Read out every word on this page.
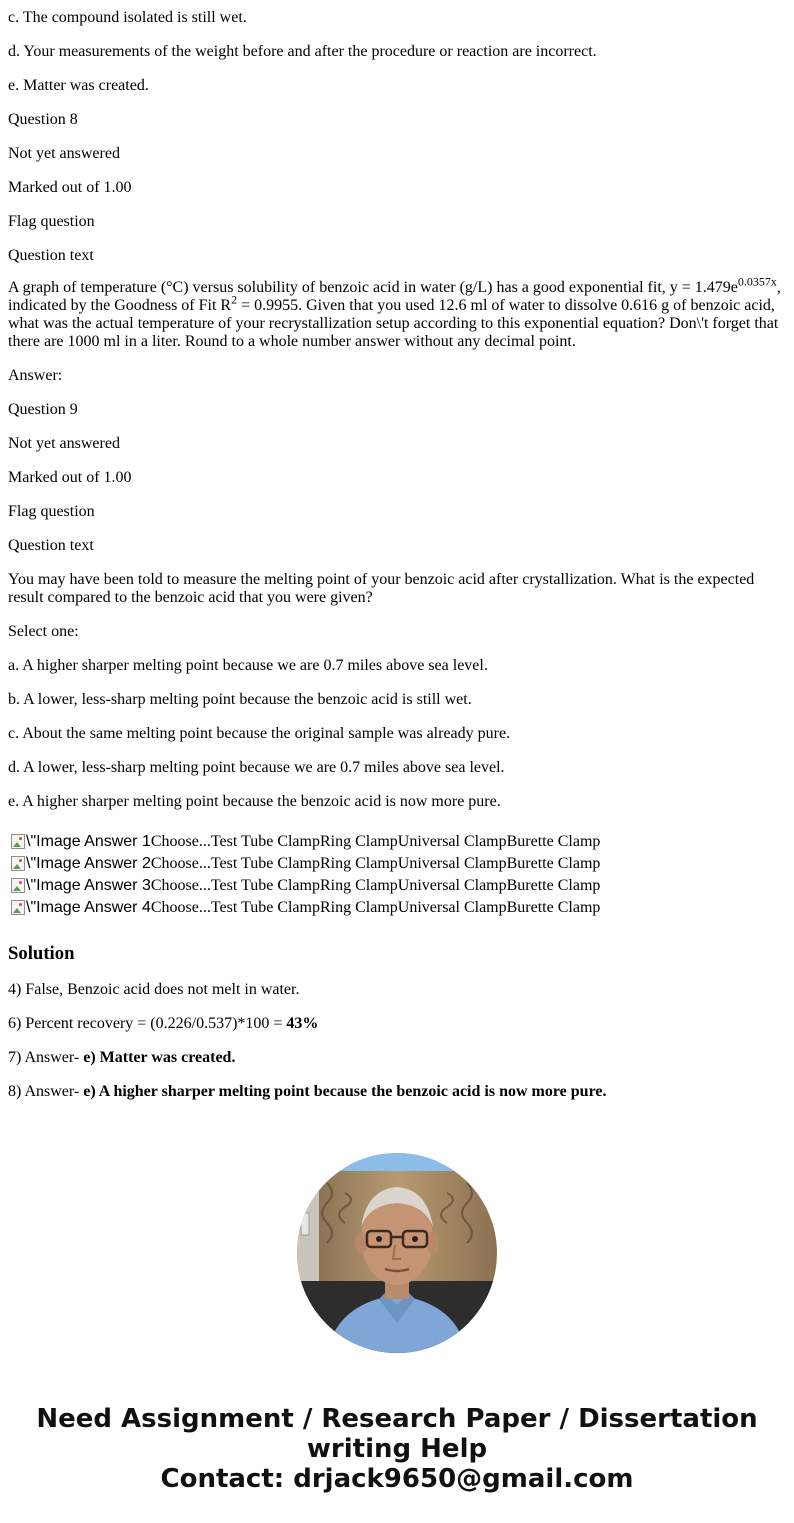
c. The compound isolated is still wet.

d. Your measurements of the weight before and after the procedure or reaction are incorrect.

e. Matter was created.

Question 8

Not yet answered

Marked out of 1.00

Flag question

Question text

A graph of temperature (°C) versus solubility of benzoic acid in water (g/L) has a good exponential fit, $y = 1.479e^{0.0357x}$, indicated by the Goodness of Fit $R^2 = 0.9955$. Given that you used 12.6 ml of water to dissolve 0.616 g of benzoic acid, what was the actual temperature of your recrystallization setup according to this exponential equation? Don\'t forget that there are 1000 ml in a liter. Round to a whole number answer without any decimal point.

Answer:

Question 9

Not yet answered

Marked out of 1.00

Flag question

Question text

You may have been told to measure the melting point of your benzoic acid after crystallization. What is the expected result compared to the benzoic acid that you were given?

Select one:

a. A higher sharper melting point because we are 0.7 miles above sea level.

b. A lower, less-sharp melting point because the benzoic acid is still wet.

c. About the same melting point because the original sample was already pure.

d. A lower, less-sharp melting point because we are 0.7 miles above sea level.

e. A higher sharper melting point because the benzoic acid is now more pure.

\"Image Answer 1 Choose...Test Tube ClampRing ClampUniversal ClampBurette Clamp
\"Image Answer 2 Choose...Test Tube ClampRing ClampUniversal ClampBurette Clamp
\"Image Answer 3 Choose...Test Tube ClampRing ClampUniversal ClampBurette Clamp
\"Image Answer 4 Choose...Test Tube ClampRing ClampUniversal ClampBurette Clamp
Solution

4) False, Benzoic acid does not melt in water.

6) Percent recovery = (0.226/0.537)*100 = 43%

7) Answer- e) Matter was created.

8) Answer- e) A higher sharper melting point because the benzoic acid is now more pure.

Need Assignment / Research Paper / Dissertation writing Help
Contact: drjack9650@gmail.com
